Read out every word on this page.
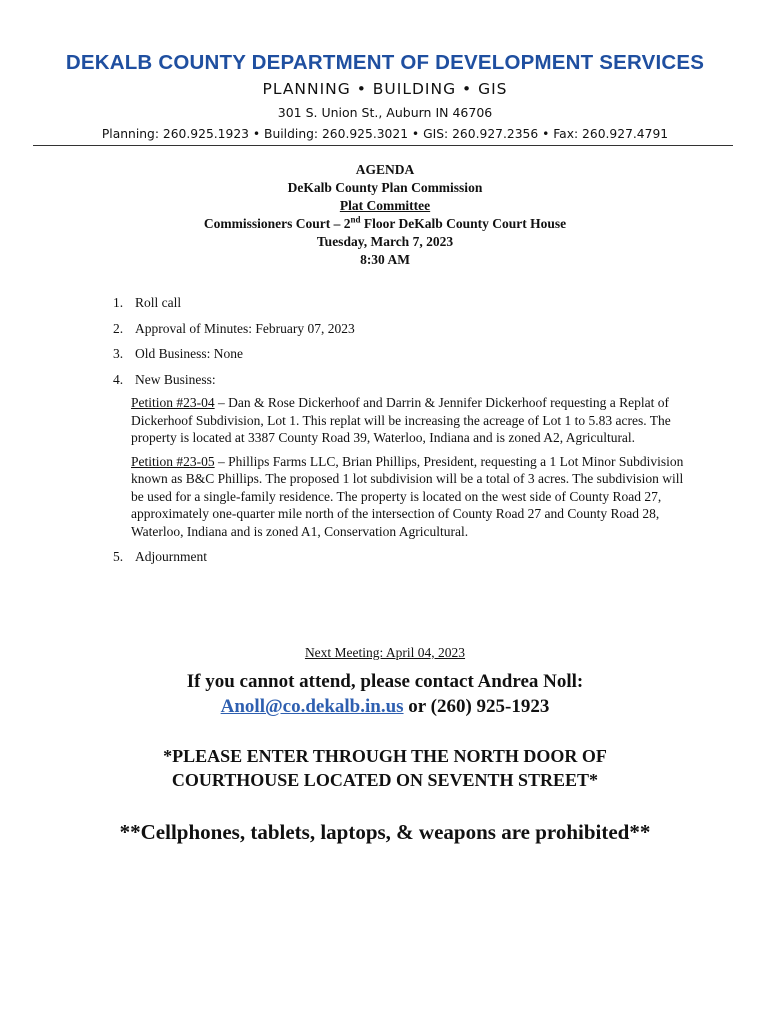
DEKALB COUNTY DEPARTMENT OF DEVELOPMENT SERVICES
PLANNING • BUILDING • GIS
301 S. Union St., Auburn IN 46706
Planning: 260.925.1923 • Building: 260.925.3021 • GIS: 260.927.2356 • Fax: 260.927.4791
AGENDA
DeKalb County Plan Commission
Plat Committee
Commissioners Court – 2nd Floor DeKalb County Court House
Tuesday, March 7, 2023
8:30 AM
1. Roll call
2. Approval of Minutes: February 07, 2023
3. Old Business: None
4. New Business:
Petition #23-04 – Dan & Rose Dickerhoof and Darrin & Jennifer Dickerhoof requesting a Replat of Dickerhoof Subdivision, Lot 1. This replat will be increasing the acreage of Lot 1 to 5.83 acres. The property is located at 3387 County Road 39, Waterloo, Indiana and is zoned A2, Agricultural.
Petition #23-05 – Phillips Farms LLC, Brian Phillips, President, requesting a 1 Lot Minor Subdivision known as B&C Phillips. The proposed 1 lot subdivision will be a total of 3 acres. The subdivision will be used for a single-family residence. The property is located on the west side of County Road 27, approximately one-quarter mile north of the intersection of County Road 27 and County Road 28, Waterloo, Indiana and is zoned A1, Conservation Agricultural.
5. Adjournment
Next Meeting: April 04, 2023
If you cannot attend, please contact Andrea Noll:
Anoll@co.dekalb.in.us or (260) 925-1923
*PLEASE ENTER THROUGH THE NORTH DOOR OF
COURTHOUSE LOCATED ON SEVENTH STREET*
**Cellphones, tablets, laptops, & weapons are prohibited**
